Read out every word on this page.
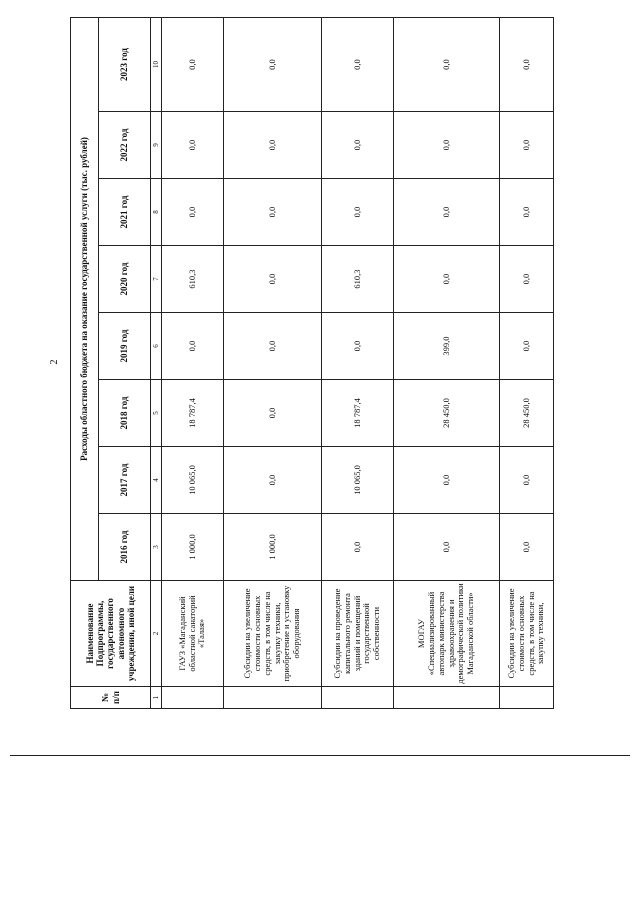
2
№ п/п	Наименование Подпрограммы, государственного автономного учреждения, иной цели	Расходы областного бюджета на оказание государственной услуги (тыс. рублей)							
		2016 год	2017 год	2018 год	2019 год	2020 год	2021 год	2022 год	2023 год
1	2	3	4	5	6	7	8	9	10
	ГАУЗ «Магаданский областной санаторий «Талая»	1 000,0	10 065,0	18 787,4	0,0	610,3	0,0	0,0	0,0
	Субсидии на увеличение стоимости основных средств, в том числе на закупку техники, приобретение и установку оборудования	1 000,0	0,0	0,0	0,0	0,0	0,0	0,0	0,0
	Субсидии на проведение капитального ремонта зданий и помещений государственной собственности	0,0	10 065,0	18 787,4	0,0	610,3	0,0	0,0	0,0
	МОГАУ «Специализированный автопарк министерства здравоохранения и демографической политики Магаданской области»	0,0	0,0	28 450,0	399,0	0,0	0,0	0,0	0,0
	Субсидии на увеличение стоимости основных средств, в том числе на закупку техники,	0,0	0,0	28 450,0	0,0	0,0	0,0	0,0	0,0
